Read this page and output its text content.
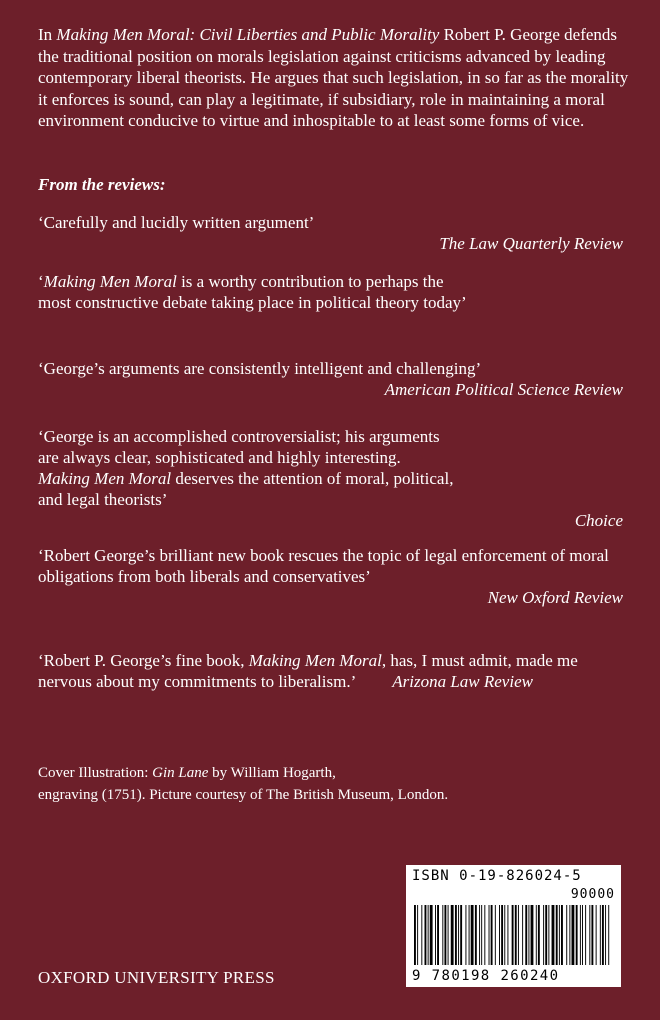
In Making Men Moral: Civil Liberties and Public Morality Robert P. George defends the traditional position on morals legislation against criticisms advanced by leading contemporary liberal theorists. He argues that such legislation, in so far as the morality it enforces is sound, can play a legitimate, if subsidiary, role in maintaining a moral environment conducive to virtue and inhospitable to at least some forms of vice.
From the reviews:
‘Carefully and lucidly written argument’
The Law Quarterly Review
‘Making Men Moral is a worthy contribution to perhaps the most constructive debate taking place in political theory today’
‘George’s arguments are consistently intelligent and challenging’
American Political Science Review
‘George is an accomplished controversialist; his arguments are always clear, sophisticated and highly interesting.
Making Men Moral deserves the attention of moral, political, and legal theorists’
Choice
‘Robert George’s brilliant new book rescues the topic of legal enforcement of moral obligations from both liberals and conservatives’
New Oxford Review
‘Robert P. George’s fine book, Making Men Moral, has, I must admit, made me nervous about my commitments to liberalism.’ Arizona Law Review
Cover Illustration: Gin Lane by William Hogarth,
engraving (1751). Picture courtesy of The British Museum, London.
OXFORD UNIVERSITY PRESS
ISBN 0-19-826024-5
90000
9 780198 260240
